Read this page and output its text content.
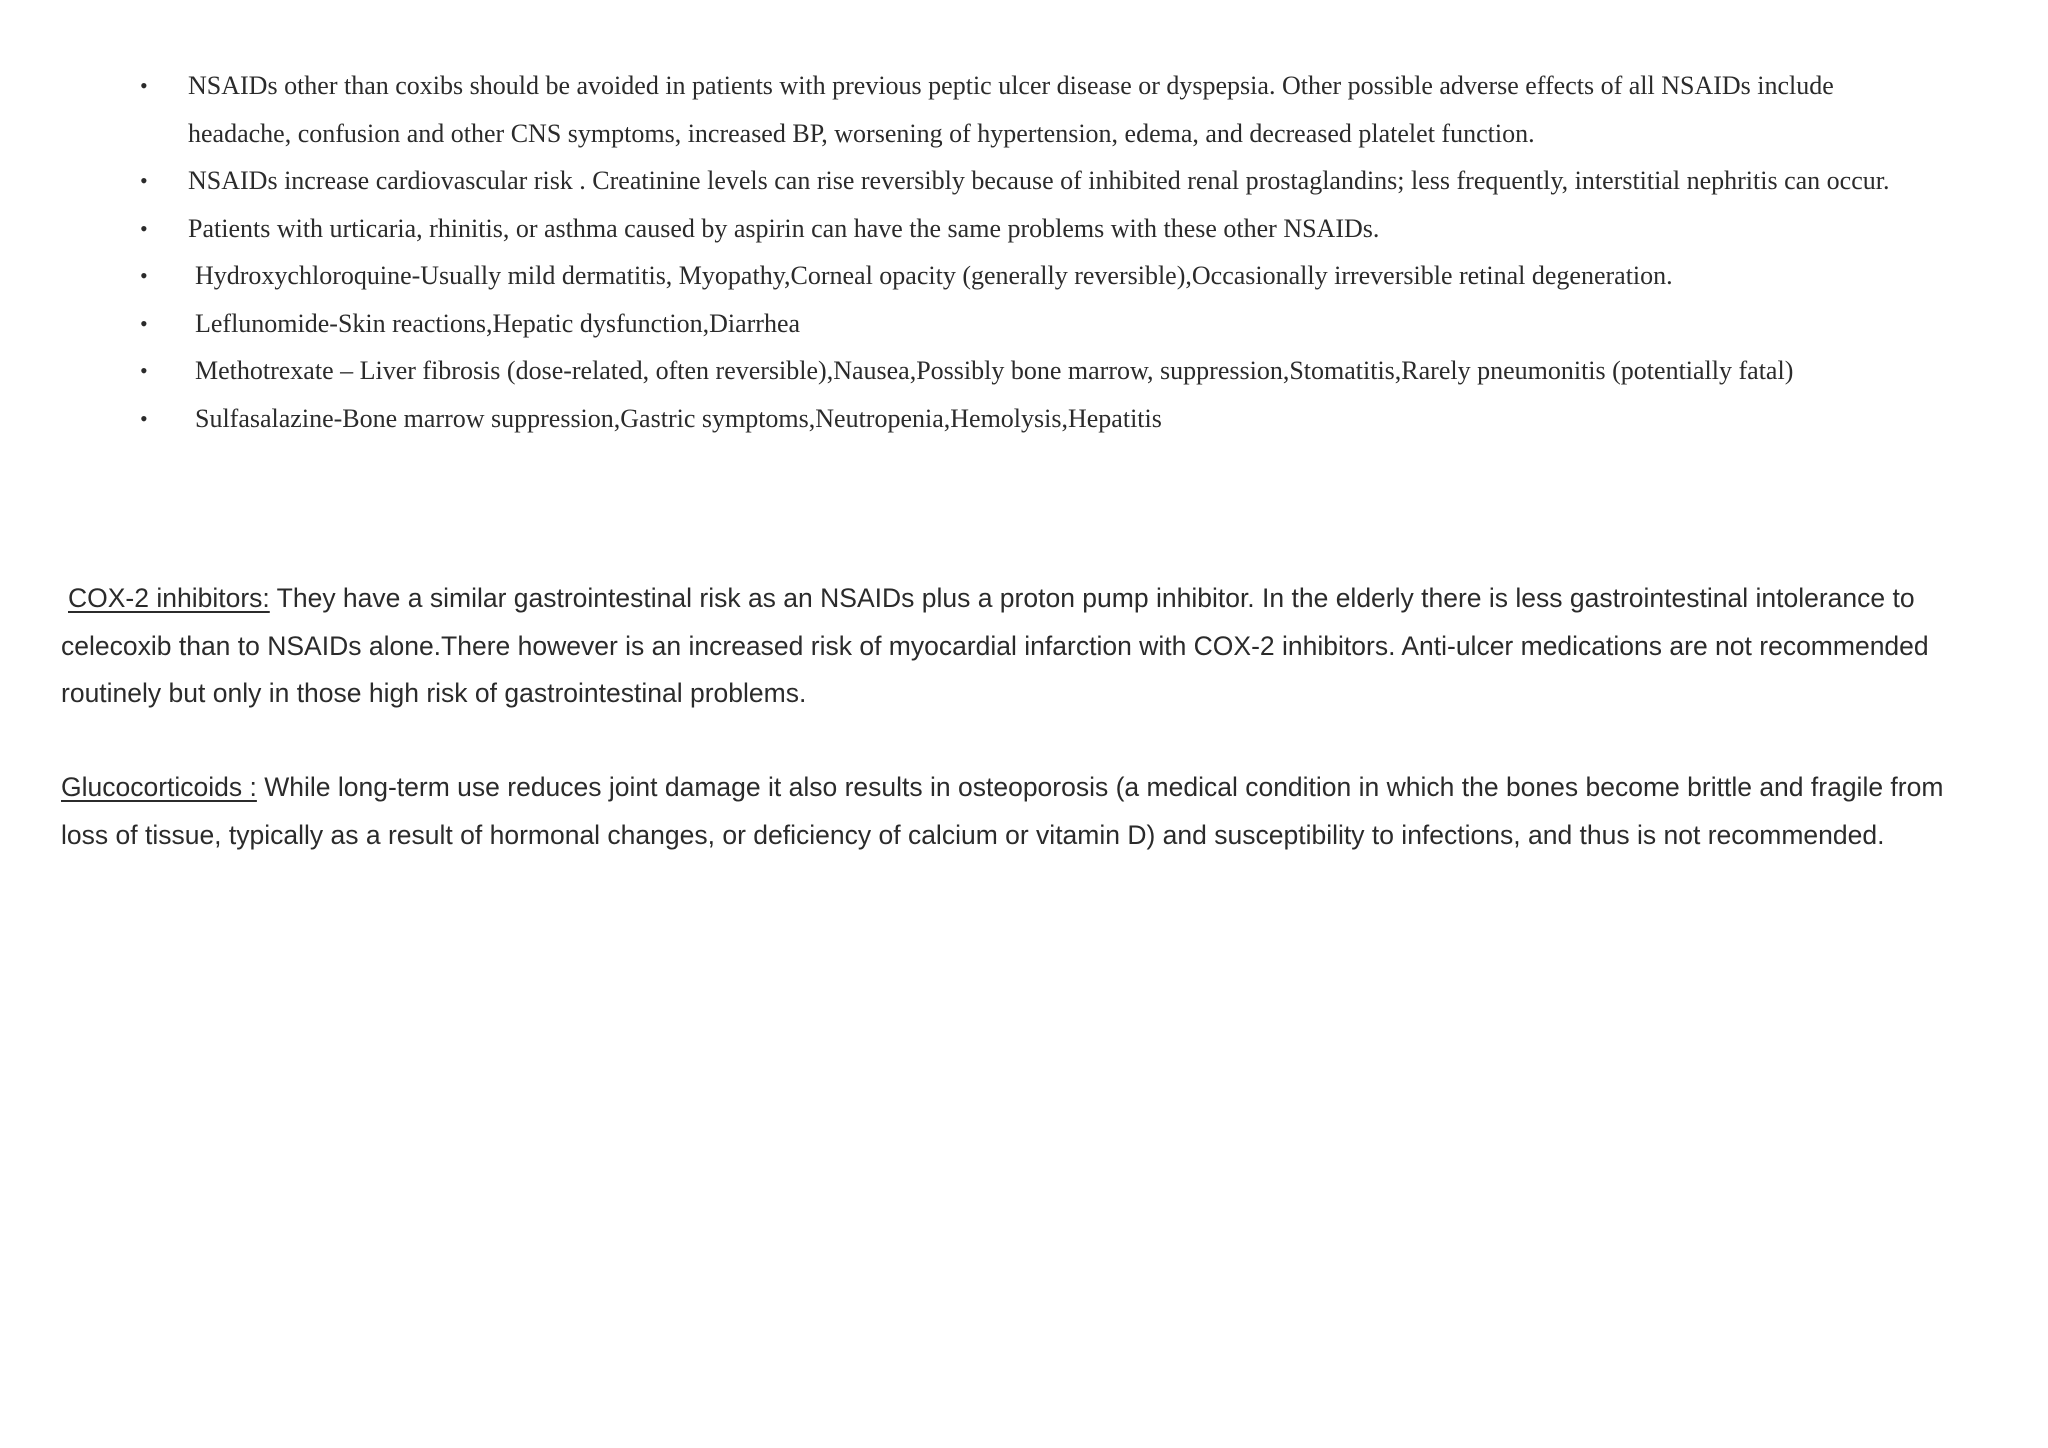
• NSAIDs other than coxibs should be avoided in patients with previous peptic ulcer disease or dyspepsia. Other possible adverse effects of all NSAIDs include headache, confusion and other CNS symptoms, increased BP, worsening of hypertension, edema, and decreased platelet function.
• NSAIDs increase cardiovascular risk . Creatinine levels can rise reversibly because of inhibited renal prostaglandins; less frequently, interstitial nephritis can occur.
• Patients with urticaria, rhinitis, or asthma caused by aspirin can have the same problems with these other NSAIDs.
• Hydroxychloroquine-Usually mild dermatitis, Myopathy,Corneal opacity (generally reversible),Occasionally irreversible retinal degeneration.
• Leflunomide-Skin reactions,Hepatic dysfunction,Diarrhea
• Methotrexate – Liver fibrosis (dose-related, often reversible),Nausea,Possibly bone marrow, suppression,Stomatitis,Rarely pneumonitis (potentially fatal)
• Sulfasalazine-Bone marrow suppression,Gastric symptoms,Neutropenia,Hemolysis,Hepatitis

COX-2 inhibitors: They have a similar gastrointestinal risk as an NSAIDs plus a proton pump inhibitor. In the elderly there is less gastrointestinal intolerance to celecoxib than to NSAIDs alone.There however is an increased risk of myocardial infarction with COX-2 inhibitors. Anti-ulcer medications are not recommended routinely but only in those high risk of gastrointestinal problems.

Glucocorticoids : While long-term use reduces joint damage it also results in osteoporosis (a medical condition in which the bones become brittle and fragile from loss of tissue, typically as a result of hormonal changes, or deficiency of calcium or vitamin D) and susceptibility to infections, and thus is not recommended.
